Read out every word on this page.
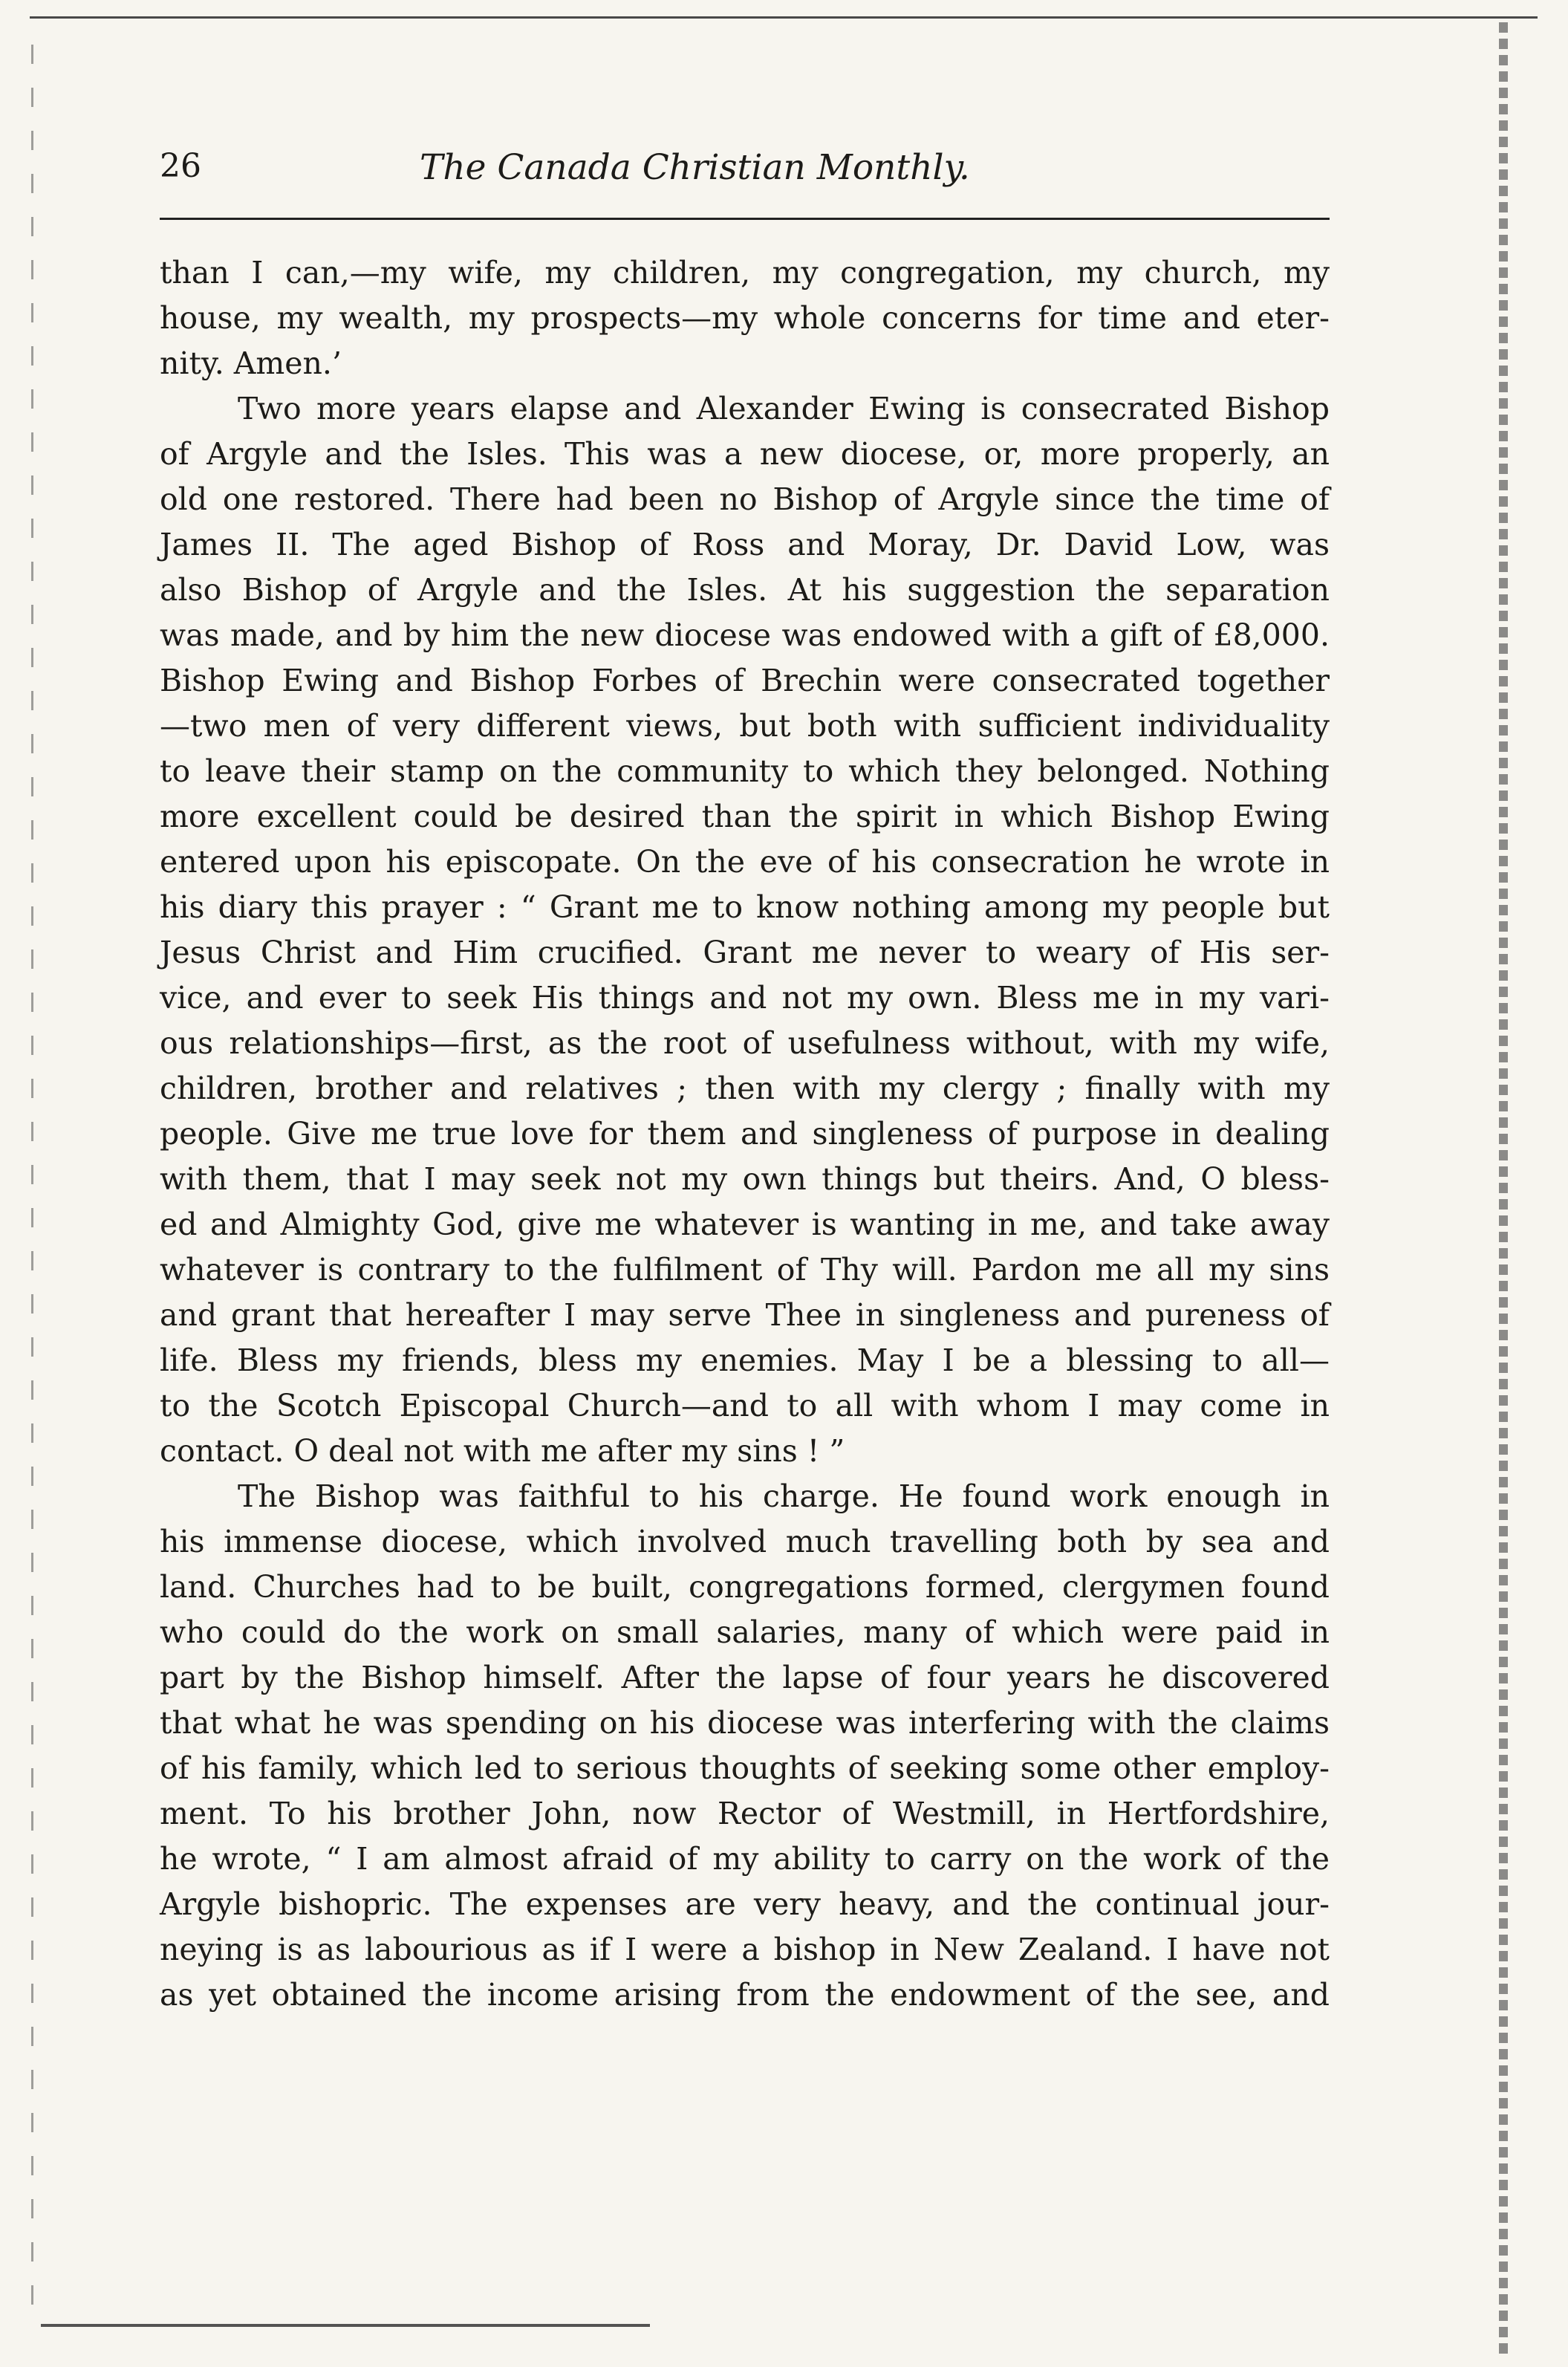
26	The Canada Christian Monthly.
than I can,—my wife, my children, my congregation, my church, my
house, my wealth, my prospects—my whole concerns for time and eter-
nity. Amen.’
Two more years elapse and Alexander Ewing is consecrated Bishop
of Argyle and the Isles. This was a new diocese, or, more properly, an
old one restored. There had been no Bishop of Argyle since the time of
James II. The aged Bishop of Ross and Moray, Dr. David Low, was
also Bishop of Argyle and the Isles. At his suggestion the separation
was made, and by him the new diocese was endowed with a gift of £8,000.
Bishop Ewing and Bishop Forbes of Brechin were consecrated together
—two men of very different views, but both with sufficient individuality
to leave their stamp on the community to which they belonged. Nothing
more excellent could be desired than the spirit in which Bishop Ewing
entered upon his episcopate. On the eve of his consecration he wrote in
his diary this prayer : “ Grant me to know nothing among my people but
Jesus Christ and Him crucified. Grant me never to weary of His ser-
vice, and ever to seek His things and not my own. Bless me in my vari-
ous relationships—first, as the root of usefulness without, with my wife,
children, brother and relatives ; then with my clergy ; finally with my
people. Give me true love for them and singleness of purpose in dealing
with them, that I may seek not my own things but theirs. And, O bless-
ed and Almighty God, give me whatever is wanting in me, and take away
whatever is contrary to the fulfilment of Thy will. Pardon me all my sins
and grant that hereafter I may serve Thee in singleness and pureness of
life. Bless my friends, bless my enemies. May I be a blessing to all—
to the Scotch Episcopal Church—and to all with whom I may come in
contact. O deal not with me after my sins ! ”
The Bishop was faithful to his charge. He found work enough in
his immense diocese, which involved much travelling both by sea and
land. Churches had to be built, congregations formed, clergymen found
who could do the work on small salaries, many of which were paid in
part by the Bishop himself. After the lapse of four years he discovered
that what he was spending on his diocese was interfering with the claims
of his family, which led to serious thoughts of seeking some other employ-
ment. To his brother John, now Rector of Westmill, in Hertfordshire,
he wrote, “ I am almost afraid of my ability to carry on the work of the
Argyle bishopric. The expenses are very heavy, and the continual jour-
neying is as labourious as if I were a bishop in New Zealand. I have not
as yet obtained the income arising from the endowment of the see, and
